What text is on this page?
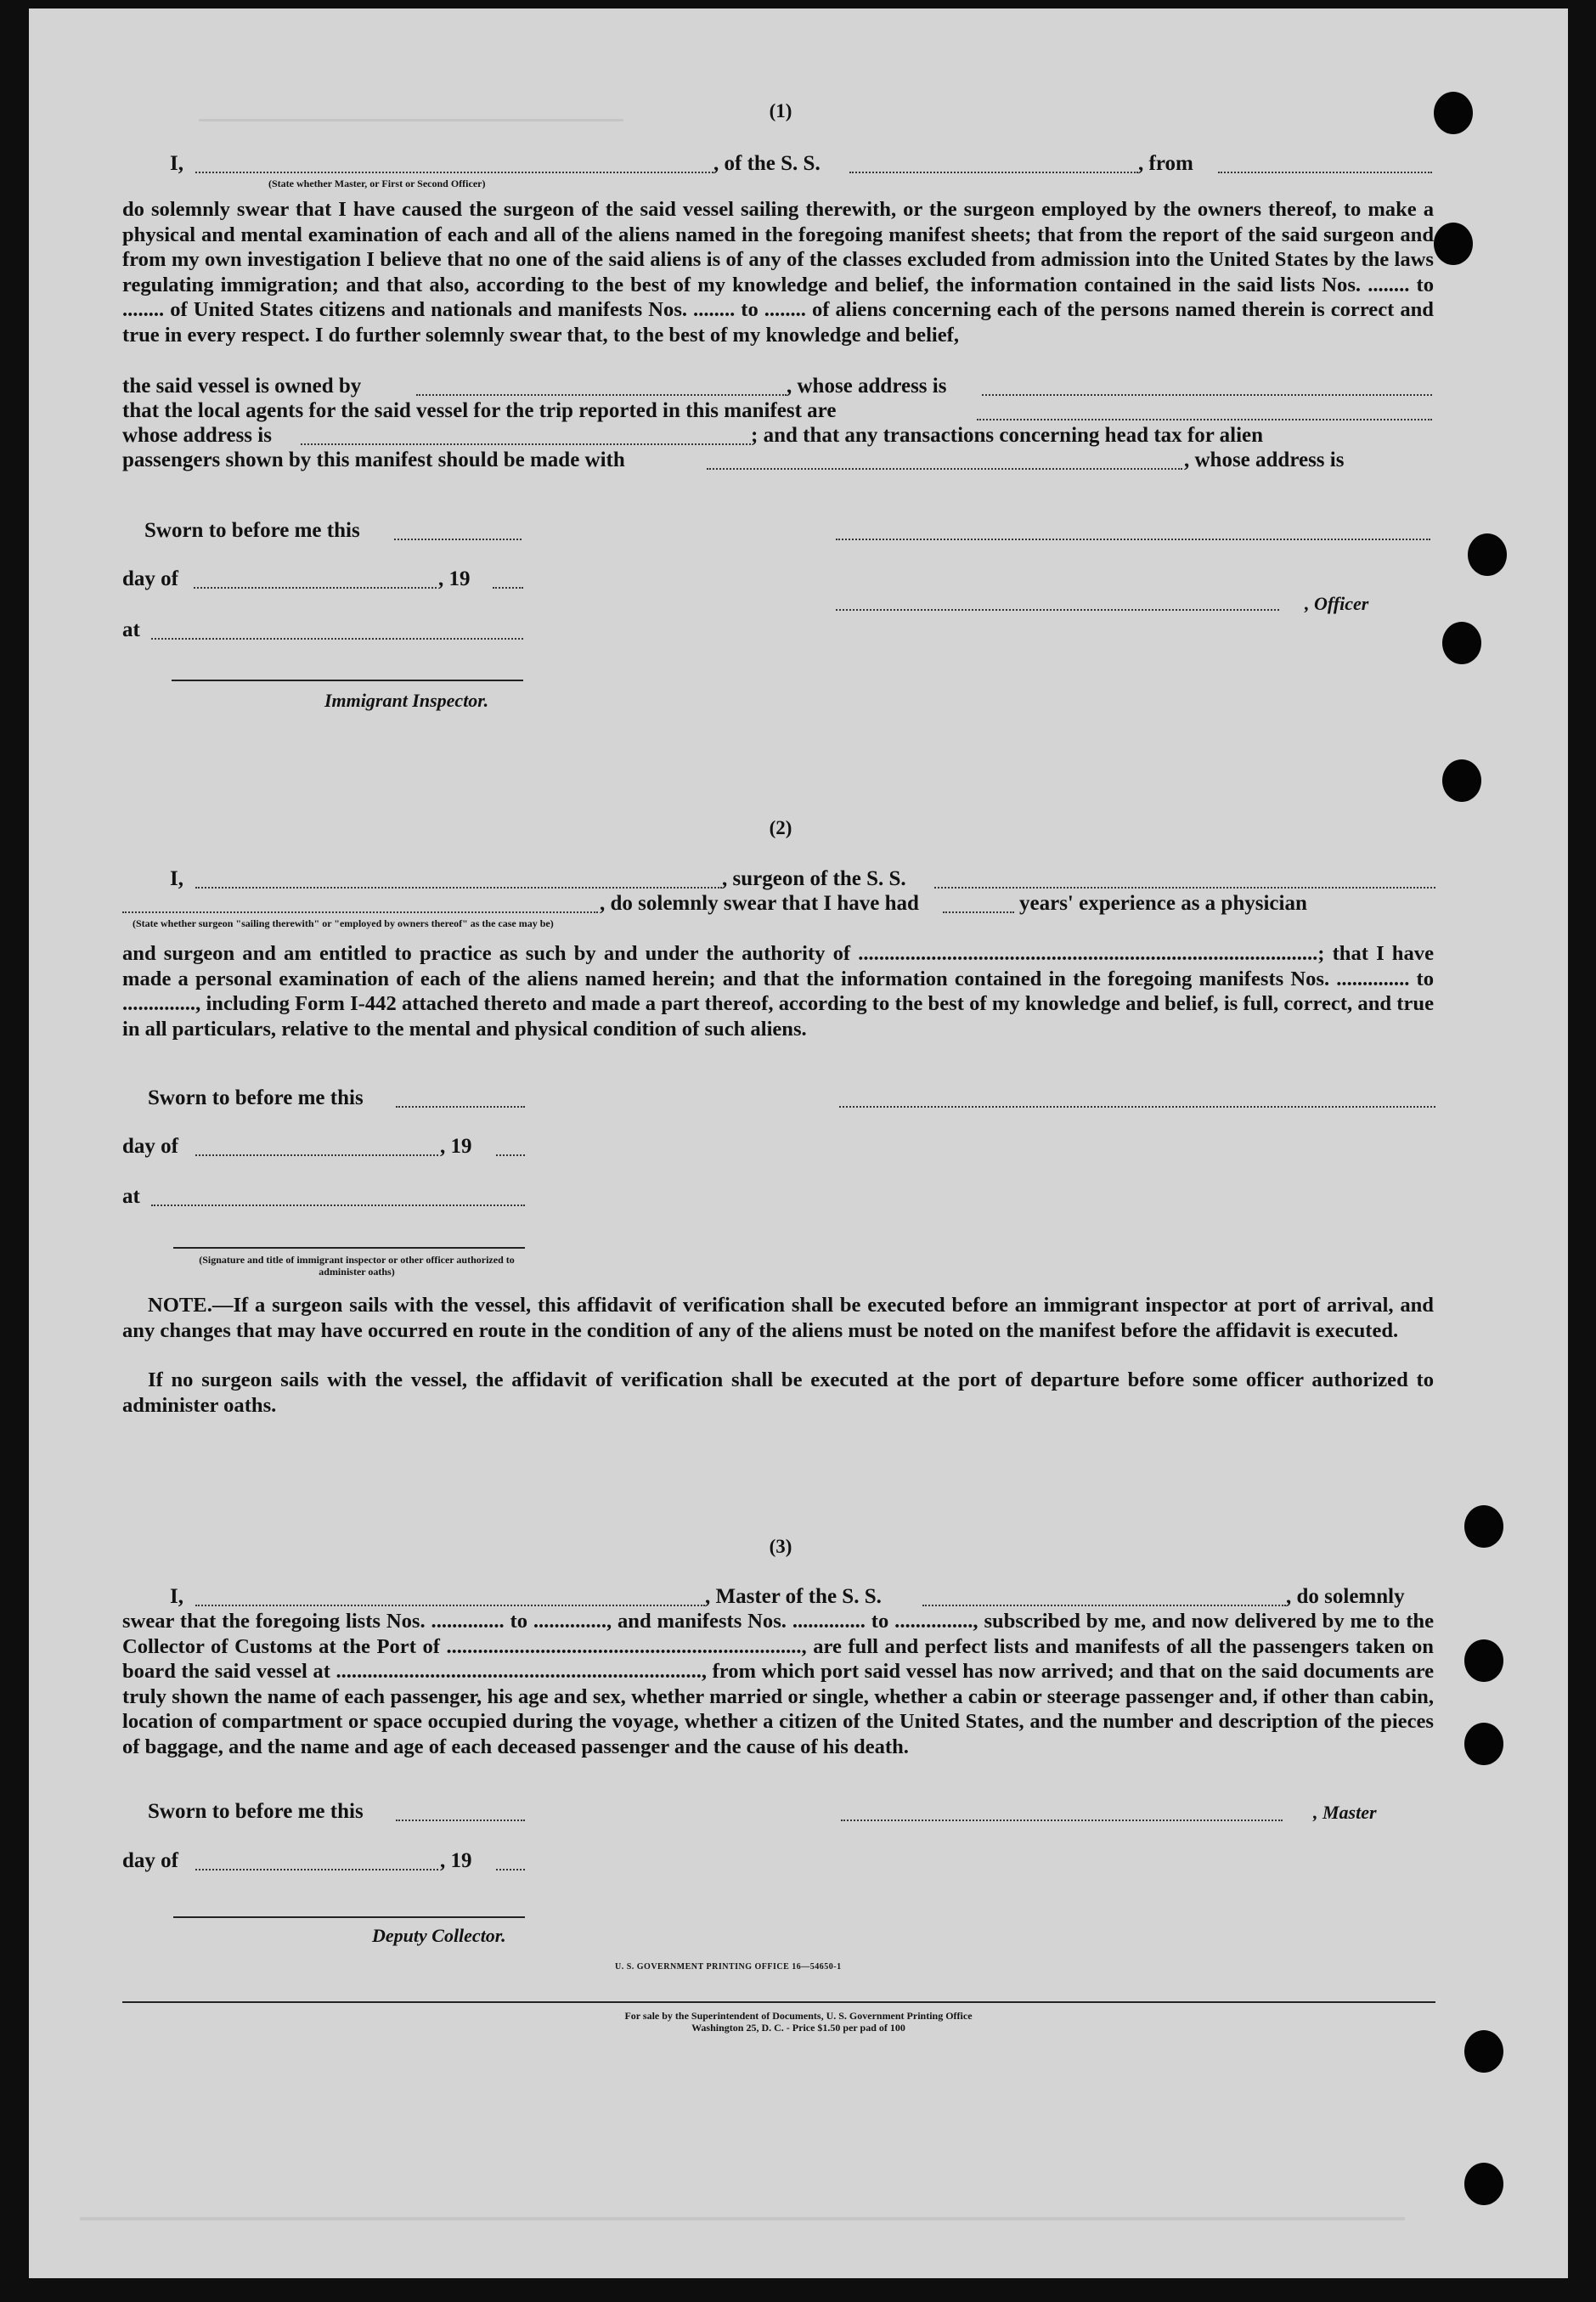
(1)
I,	, of the S. S.	, from
(State whether Master, or First or Second Officer)
do solemnly swear that I have caused the surgeon of the said vessel sailing therewith, or the surgeon employed by the owners thereof, to make a physical and mental examination of each and all of the aliens named in the foregoing manifest sheets; that from the report of the said surgeon and from my own investigation I believe that no one of the said aliens is of any of the classes excluded from admission into the United States by the laws regulating immigration; and that also, according to the best of my knowledge and belief, the information contained in the said lists Nos. ........ to ........ of United States citizens and nationals and manifests Nos. ........ to ........ of aliens concerning each of the persons named therein is correct and true in every respect. I do further solemnly swear that, to the best of my knowledge and belief,
the said vessel is owned by	, whose address is
that the local agents for the said vessel for the trip reported in this manifest are
whose address is	; and that any transactions concerning head tax for alien
passengers shown by this manifest should be made with	, whose address is
Sworn to before me this
day of	, 19
, Officer
at
Immigrant Inspector.
(2)
I,	, surgeon of the S. S.
, do solemnly swear that I have had	years' experience as a physician
(State whether surgeon "sailing therewith" or "employed by owners thereof" as the case may be)
and surgeon and am entitled to practice as such by and under the authority of ........................................................................................; that I have made a personal examination of each of the aliens named herein; and that the information contained in the foregoing manifests Nos. .............. to .............., including Form I-442 attached thereto and made a part thereof, according to the best of my knowledge and belief, is full, correct, and true in all particulars, relative to the mental and physical condition of such aliens.
Sworn to before me this
day of	, 19
at
(Signature and title of immigrant inspector or other officer authorized to administer oaths)
NOTE.—If a surgeon sails with the vessel, this affidavit of verification shall be executed before an immigrant inspector at port of arrival, and any changes that may have occurred en route in the condition of any of the aliens must be noted on the manifest before the affidavit is executed.
If no surgeon sails with the vessel, the affidavit of verification shall be executed at the port of departure before some officer authorized to administer oaths.
(3)
I,	, Master of the S. S.	, do solemnly
swear that the foregoing lists Nos. .............. to .............., and manifests Nos. .............. to ..............., subscribed by me, and now delivered by me to the Collector of Customs at the Port of ...................................................................., are full and perfect lists and manifests of all the passengers taken on board the said vessel at ......................................................................, from which port said vessel has now arrived; and that on the said documents are truly shown the name of each passenger, his age and sex, whether married or single, whether a cabin or steerage passenger and, if other than cabin, location of compartment or space occupied during the voyage, whether a citizen of the United States, and the number and description of the pieces of baggage, and the name and age of each deceased passenger and the cause of his death.
Sworn to before me this	, Master
day of	, 19
Deputy Collector.
U. S. GOVERNMENT PRINTING OFFICE 16—54650-1
For sale by the Superintendent of Documents, U. S. Government Printing Office
Washington 25, D. C. - Price $1.50 per pad of 100
